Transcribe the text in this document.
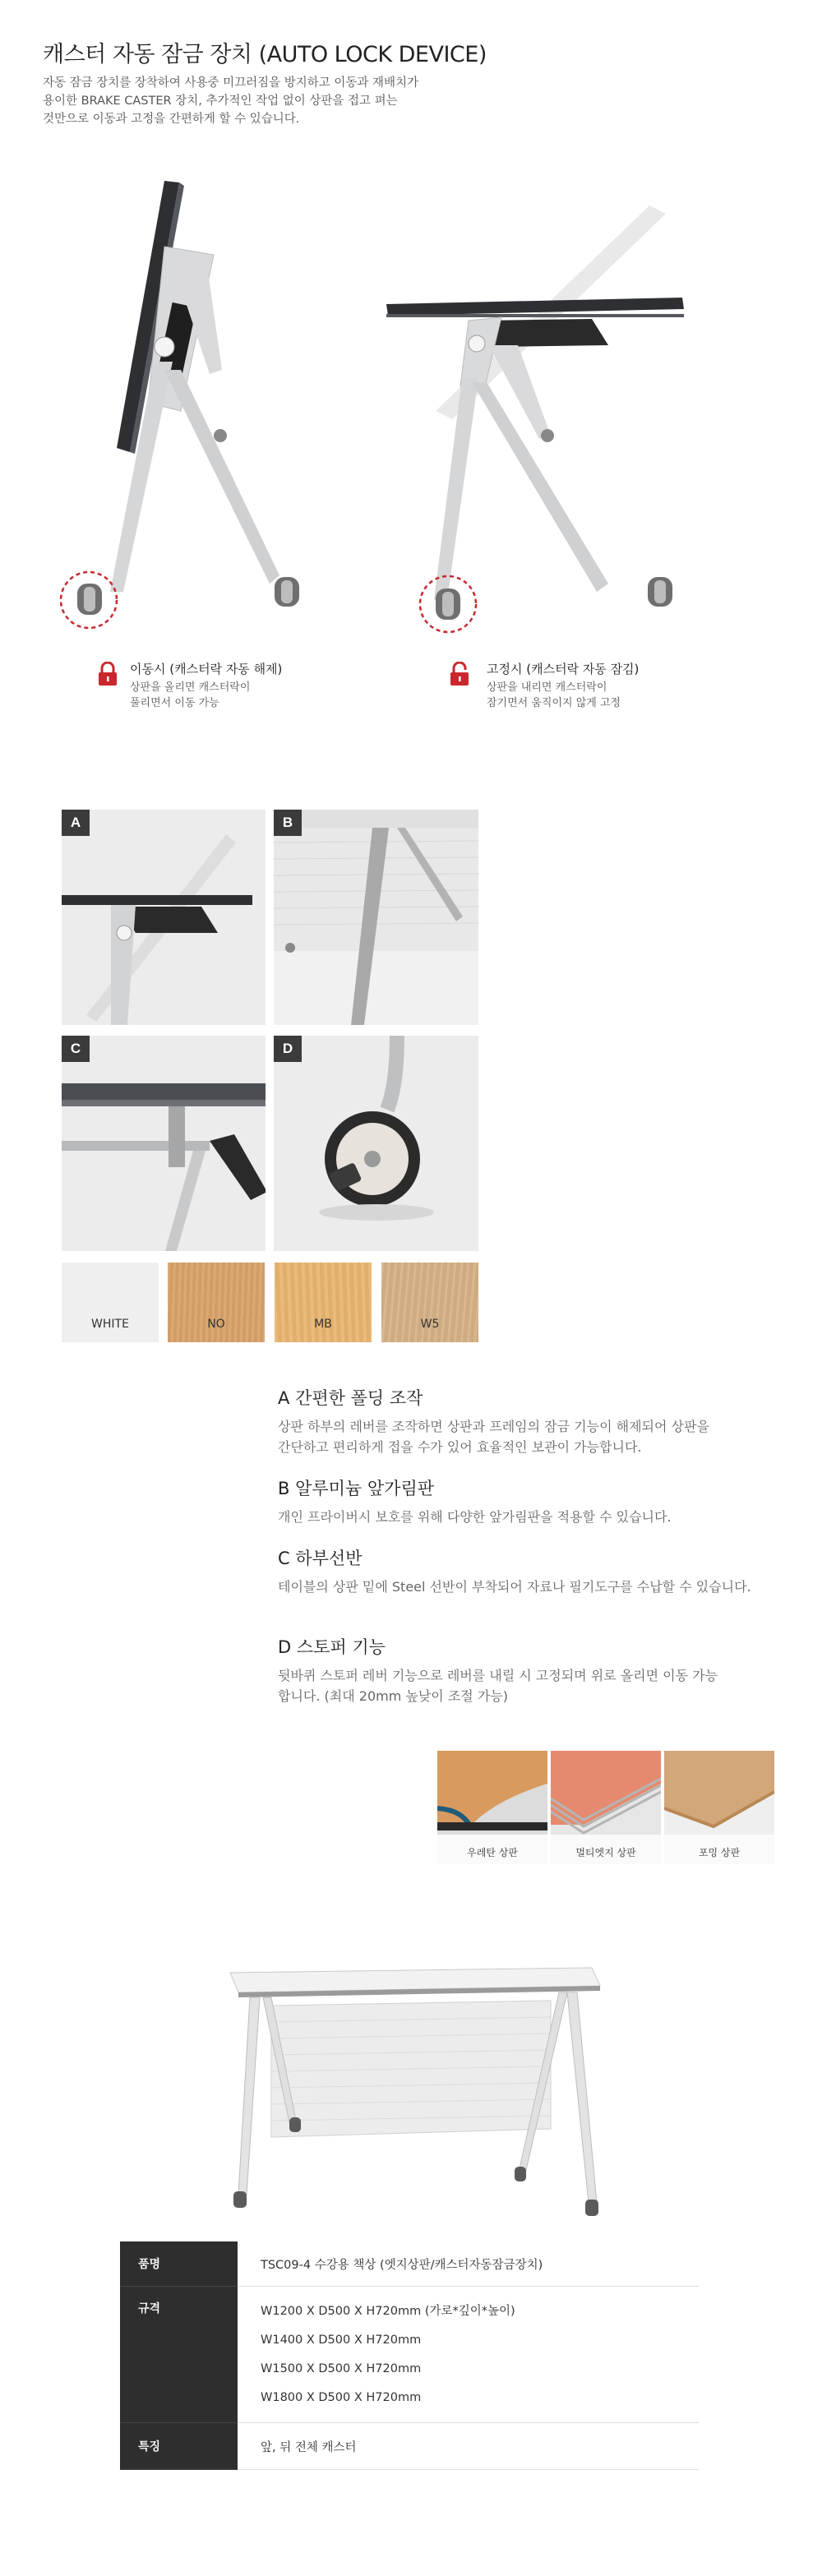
캐스터 자동 잠금 장치 (AUTO LOCK DEVICE)
자동 잠금 장치를 장착하여 사용중 미끄러짐을 방지하고 이동과 재배치가
용이한 BRAKE CASTER 장치, 추가적인 작업 없이 상판을 접고 펴는
것만으로 이동과 고정을 간편하게 할 수 있습니다.
이동시 (캐스터락 자동 해제)
상판을 올리면 캐스터락이
풀리면서 이동 가능
고정시 (캐스터락 자동 잠김)
상판을 내리면 캐스터락이
잠기면서 움직이지 않게 고정
A	B
C	D
WHITE	NO	MB	W5
A 간편한 폴딩 조작
상판 하부의 레버를 조작하면 상판과 프레임의 잠금 기능이 해제되어 상판을
간단하고 편리하게 접을 수가 있어 효율적인 보관이 가능합니다.
B 알루미늄 앞가림판
개인 프라이버시 보호를 위해 다양한 앞가림판을 적용할 수 있습니다.
C 하부선반
테이블의 상판 밑에 Steel 선반이 부착되어 자료나 필기도구를 수납할 수 있습니다.
D 스토퍼 기능
뒷바퀴 스토퍼 레버 기능으로 레버를 내릴 시 고정되며 위로 올리면 이동 가능
합니다. (최대 20mm 높낮이 조절 가능)
우레탄 상판	멀티엣지 상판	포밍 상판
품명	TSC09-4 수강용 책상 (엣지상판/캐스터자동잠금장치)
규격	W1200 X D500 X H720mm (가로*깊이*높이)
W1400 X D500 X H720mm
W1500 X D500 X H720mm
W1800 X D500 X H720mm

특징	앞, 뒤 전체 캐스터
